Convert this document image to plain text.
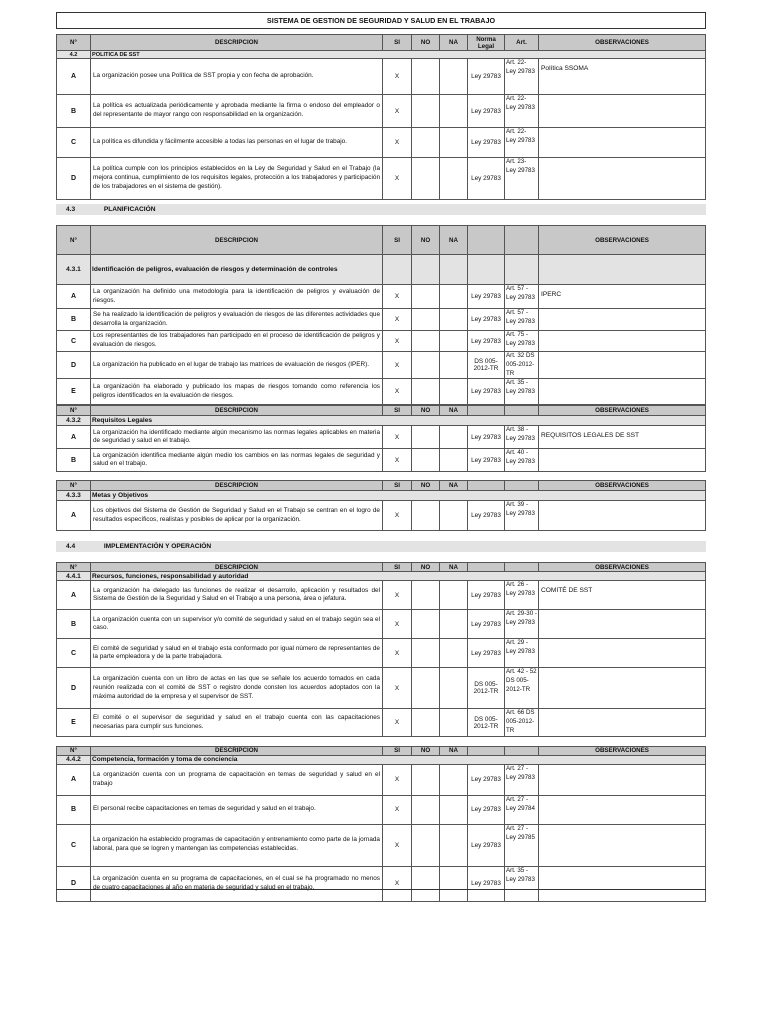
SISTEMA DE GESTION DE SEGURIDAD Y SALUD EN EL TRABAJO
N°	DESCRIPCION	SI	NO	NA	Norma Legal	Art.	OBSERVACIONES
4.2	POLITICA DE SST						
A	La organización posee una Política de SST propia y con fecha de aprobación.	X			Ley 29783	Art. 22- Ley 29783	Política SSOMA
B	La política es actualizada periódicamente y aprobada mediante la firma o endoso del empleador o del representante de mayor rango con responsabilidad en la organización.	X			Ley 29783	Art. 22- Ley 29783	
C	La política es difundida y fácilmente accesible a todas las personas en el lugar de trabajo.	X			Ley 29783	Art. 22- Ley 29783	
D	La política cumple con los principios establecidos en la Ley de Seguridad y Salud en el Trabajo (la mejora continua, cumplimiento de los requisitos legales, protección a los trabajadores y participación de los trabajadores en el sistema de gestión).	X			Ley 29783	Art. 23- Ley 29783	
4.3	PLANIFICACIÓN
N°	DESCRIPCION	SI	NO	NA			OBSERVACIONES
4.3.1	Identificación de peligros, evaluación de riesgos y determinación de controles						
A	La organización ha definido una metodología para la identificación de peligros y evaluación de riesgos.	X			Ley 29783	Art. 57 - Ley 29783	IPERC
B	Se ha realizado la identificación de peligros y evaluación de riesgos de las diferentes actividades que desarrolla la organización.	X			Ley 29783	Art. 57 - Ley 29783	
C	Los representantes de los trabajadores han participado en el proceso de identificación de peligros y evaluación de riesgos.	X			Ley 29783	Art. 75 - Ley 29783	
D	La organización ha publicado en el lugar de trabajo las matrices de evaluación de riesgos (IPER).	X			DS 005-2012-TR	Art. 32 DS 005-2012-TR	
E	La organización ha elaborado y publicado los mapas de riesgos tomando como referencia los peligros identificados en la evaluación de riesgos.	X			Ley 29783	Art. 35 - Ley 29783	
N°	DESCRIPCION	SI	NO	NA			OBSERVACIONES
4.3.2	Requisitos Legales						
A	La organización ha identificado mediante algún mecanismo las normas legales aplicables en materia de seguridad y salud en el trabajo.	X			Ley 29783	Art. 38 - Ley 29783	REQUISITOS LEGALES DE SST
B	La organización identifica mediante algún medio los cambios en las normas legales de seguridad y salud en el trabajo.	X			Ley 29783	Art. 40 - Ley 29783	
N°	DESCRIPCION	SI	NO	NA			OBSERVACIONES
4.3.3	Metas y Objetivos						
A	Los objetivos del Sistema de Gestión de Seguridad y Salud en el Trabajo se centran en el logro de resultados específicos, realistas y posibles de aplicar por la organización.	X			Ley 29783	Art. 39 - Ley 29783	
4.4	IMPLEMENTACIÓN Y OPERACIÓN
N°	DESCRIPCION	SI	NO	NA			OBSERVACIONES
4.4.1	Recursos, funciones, responsabilidad y autoridad						
A	La organización ha delegado las funciones de realizar el desarrollo, aplicación y resultados del Sistema de Gestión de la Seguridad y Salud en el Trabajo a una persona, área o jefatura.	X			Ley 29783	Art. 26 - Ley 29783	COMITÉ DE SST
B	La organización cuenta con un supervisor y/o comité de seguridad y salud en el trabajo según sea el caso.	X			Ley 29783	Art. 29-30 - Ley 29783	
C	El comité de seguridad y salud en el trabajo esta conformado por igual número de representantes de la parte empleadora y de la parte trabajadora.	X			Ley 29783	Art. 29 - Ley 29783	
D	La organización cuenta con un libro de actas en las que se señale los acuerdo tomados en cada reunión realizada con el comité de SST o registro donde consten los acuerdos adoptados con la máxima autoridad de la empresa y el supervisor de SST.	X			DS 005-2012-TR	Art. 42 - 52 DS 005-2012-TR	
E	El comité o el supervisor de seguridad y salud en el trabajo cuenta con las capacitaciones necesarias para cumplir sus funciones.	X			DS 005-2012-TR	Art. 66 DS 005-2012-TR	
N°	DESCRIPCION	SI	NO	NA			OBSERVACIONES
4.4.2	Competencia, formación y toma de conciencia						
A	La organización cuenta con un programa de capacitación en temas de seguridad y salud en el trabajo	X			Ley 29783	Art. 27 - Ley 29783	
B	El personal recibe capacitaciones en temas de seguridad y salud en el trabajo.	X			Ley 29783	Art. 27 - Ley 29784	
C	La organización ha establecido programas de capacitación y entrenamiento como parte de la jornada laboral, para que se logren y mantengan las competencias establecidas.	X			Ley 29783	Art. 27 - Ley 29785	
D	La organización cuenta en su programa de capacitaciones, en el cual se ha programado no menos de cuatro capacitaciones al año en materia de seguridad y salud en el trabajo.	X			Ley 29783	Art. 35 - Ley 29783	
